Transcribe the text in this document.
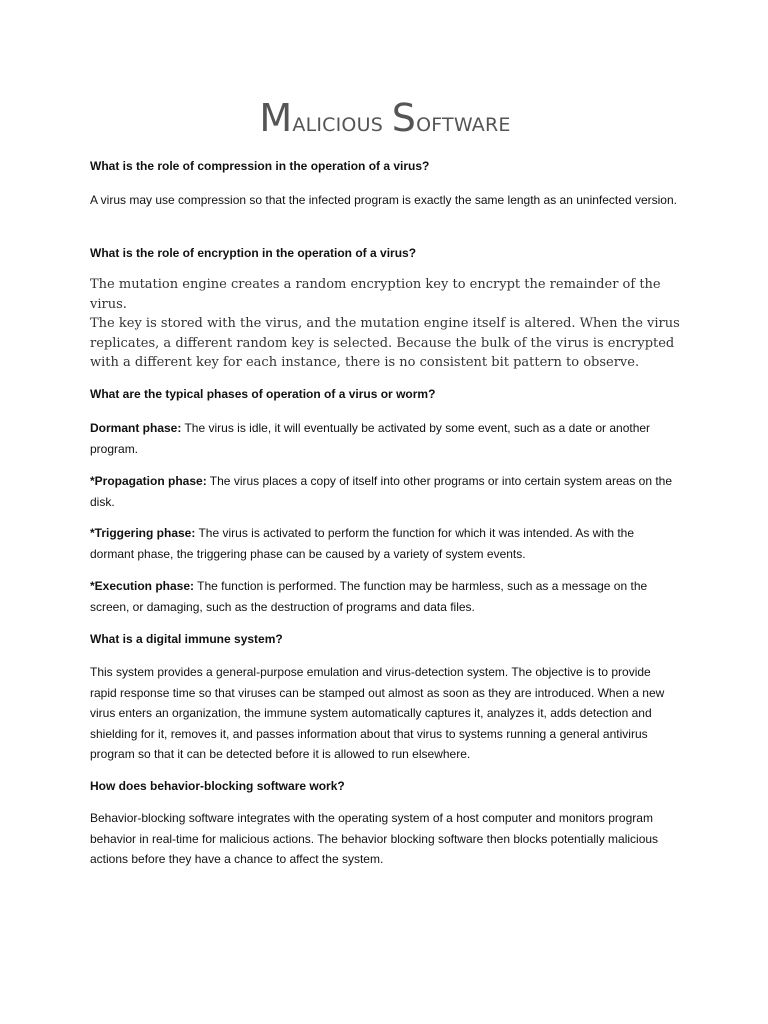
Malicious Software
What is the role of compression in the operation of a virus?
A virus may use compression so that the infected program is exactly the same length as an uninfected version.
What is the role of encryption in the operation of a virus?

The mutation engine creates a random encryption key to encrypt the remainder of the virus.

The key is stored with the virus, and the mutation engine itself is altered. When the virus replicates, a different random key is selected. Because the bulk of the virus is encrypted with a different key for each instance, there is no consistent bit pattern to observe.

What are the typical phases of operation of a virus or worm?
Dormant phase: The virus is idle, it will eventually be activated by some event, such as a date or another program.
*Propagation phase: The virus places a copy of itself into other programs or into certain system areas on the disk.
*Triggering phase: The virus is activated to perform the function for which it was intended. As with the dormant phase, the triggering phase can be caused by a variety of system events.
*Execution phase: The function is performed. The function may be harmless, such as a message on the screen, or damaging, such as the destruction of programs and data files.
What is a digital immune system?
This system provides a general-purpose emulation and virus-detection system. The objective is to provide rapid response time so that viruses can be stamped out almost as soon as they are introduced. When a new virus enters an organization, the immune system automatically captures it, analyzes it, adds detection and shielding for it, removes it, and passes information about that virus to systems running a general antivirus program so that it can be detected before it is allowed to run elsewhere.
How does behavior-blocking software work?
Behavior-blocking software integrates with the operating system of a host computer and monitors program behavior in real-time for malicious actions. The behavior blocking software then blocks potentially malicious actions before they have a chance to affect the system.
